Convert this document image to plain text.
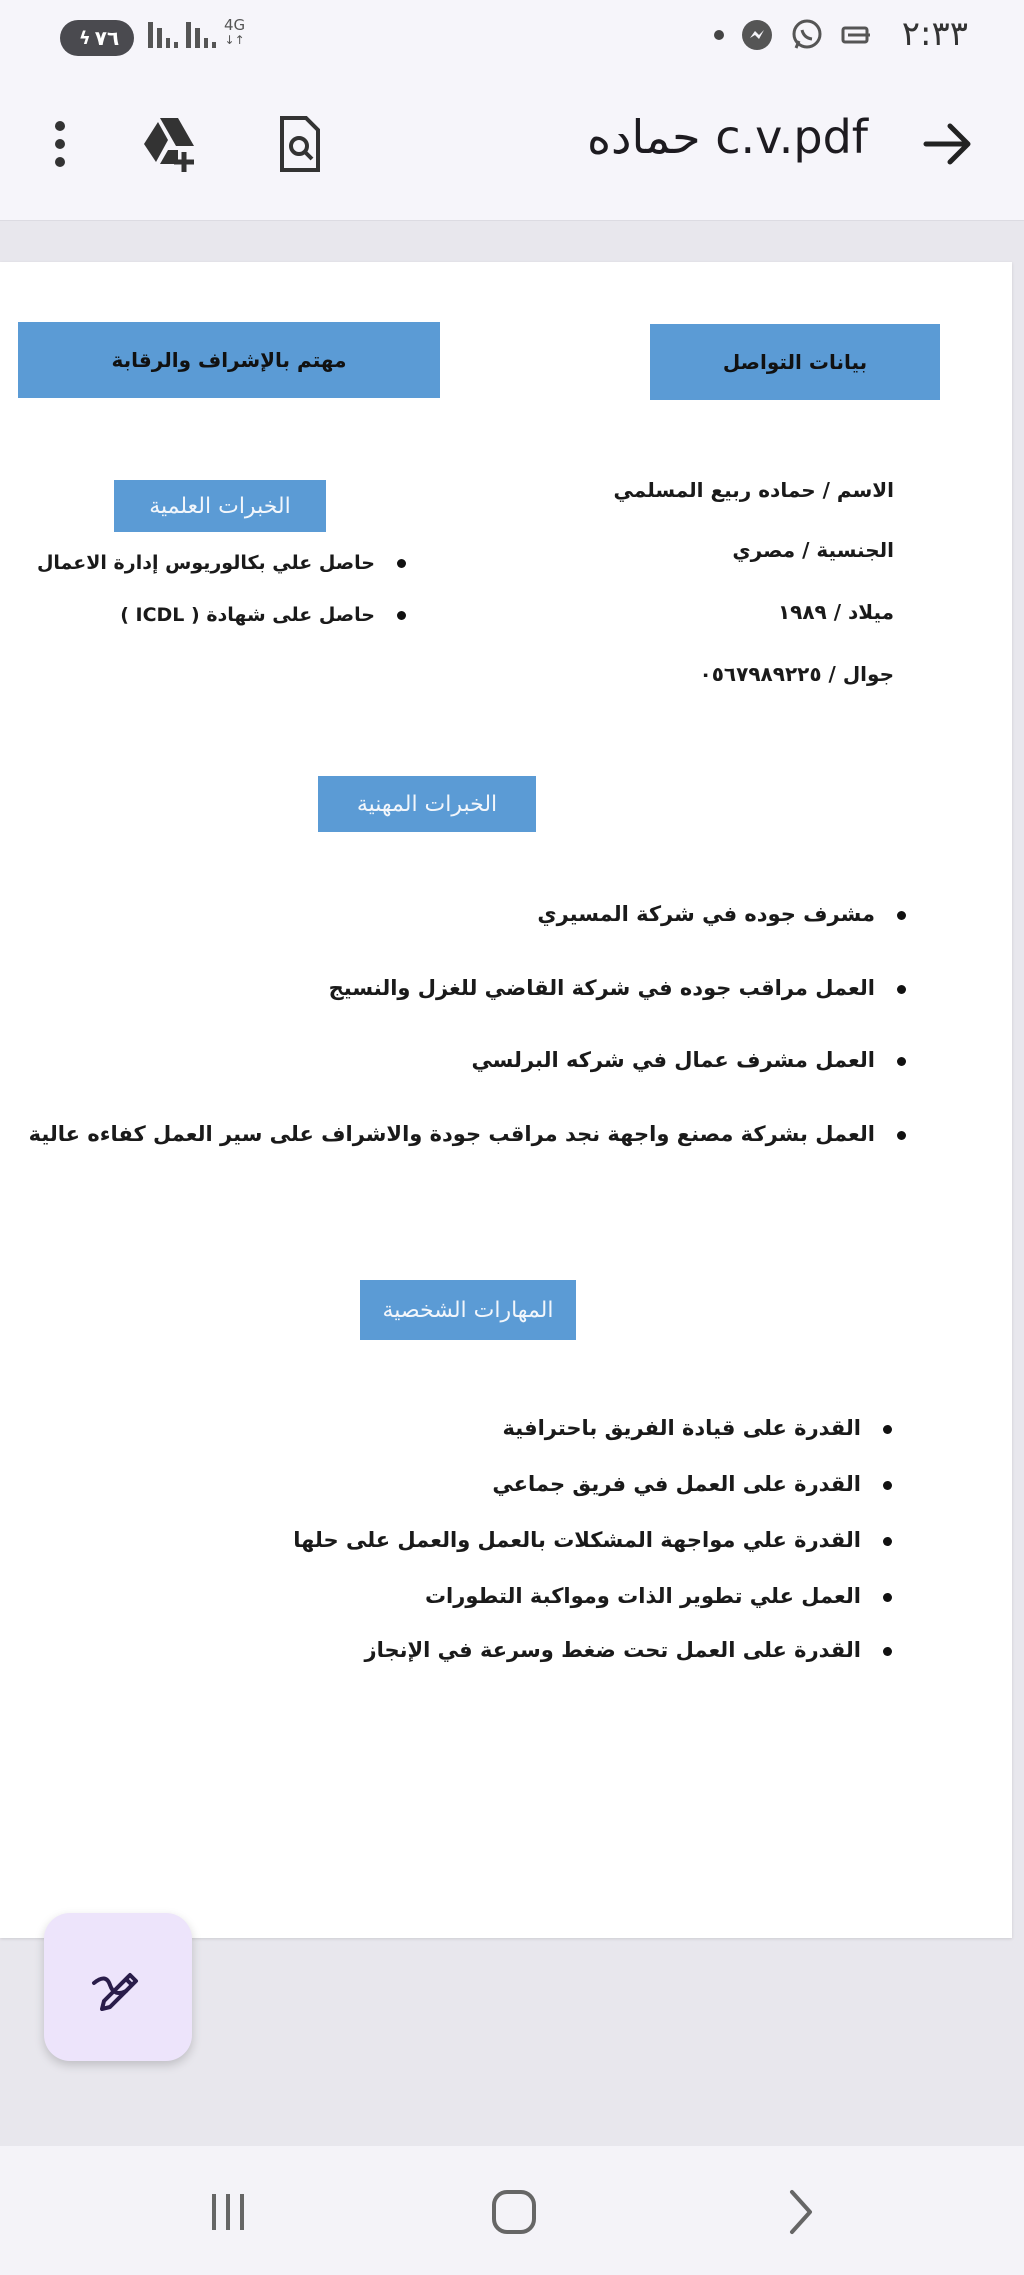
٧٦
ϟ
4G
↓↑	٢:٣٣
حماده c.v.pdf
مهتم بالإشراف والرقابة	بيانات التواصل
الاسم / حماده ربيع المسلمي
الجنسية / مصري
ميلاد / ١٩٨٩
جوال / ٠٥٦٧٩٨٩٢٢٥
الخبرات العلمية
حاصل علي بكالوريوس إدارة الاعمال
حاصل على شهادة ( ICDL )
الخبرات المهنية
مشرف جوده في شركة المسيري
العمل مراقب جوده في شركة القاضي للغزل والنسيج
العمل مشرف عمال في شركه البرلسي
العمل بشركة مصنع واجهة نجد مراقب جودة والاشراف على سير العمل كفاءه عالية
المهارات الشخصية
القدرة على قيادة الفريق باحترافية
القدرة على العمل في فريق جماعي
القدرة علي مواجهة المشكلات بالعمل والعمل على حلها
العمل علي تطوير الذات ومواكبة التطورات
القدرة على العمل تحت ضغط وسرعة في الإنجاز
